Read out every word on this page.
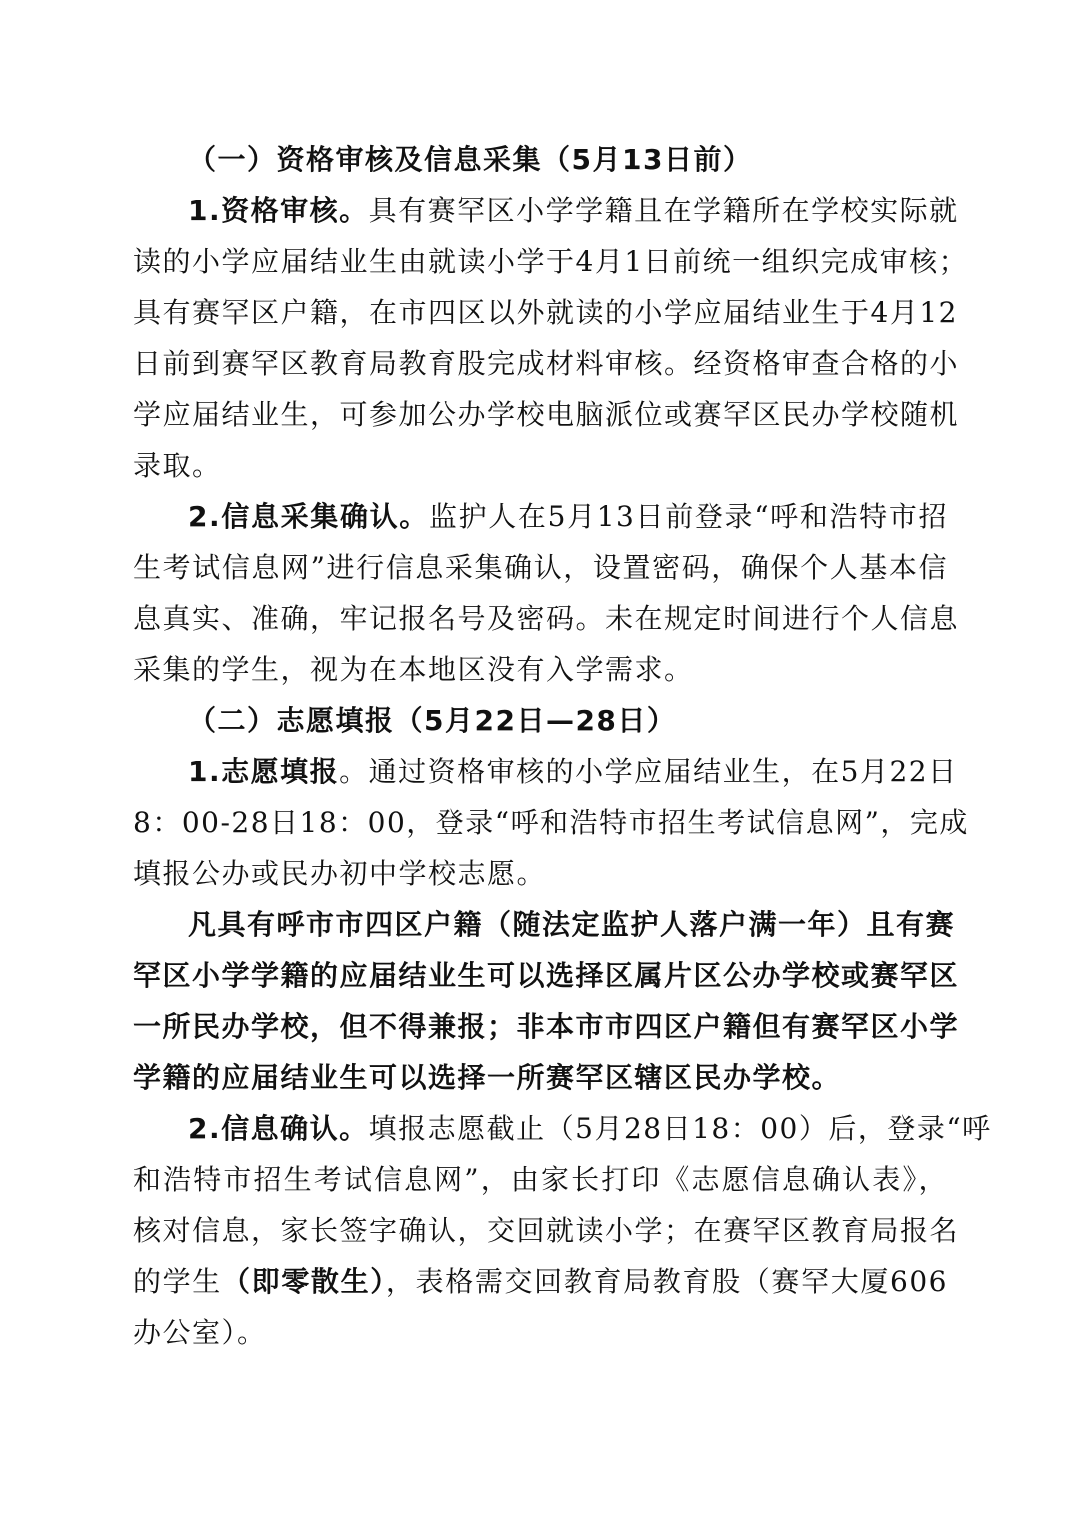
（一）资格审核及信息采集（5月13日前）
1.资格审核。具有赛罕区小学学籍且在学籍所在学校实际就
读的小学应届结业生由就读小学于4月1日前统一组织完成审核；
具有赛罕区户籍，在市四区以外就读的小学应届结业生于4月12
日前到赛罕区教育局教育股完成材料审核。经资格审查合格的小
学应届结业生，可参加公办学校电脑派位或赛罕区民办学校随机
录取。
2.信息采集确认。监护人在5月13日前登录“呼和浩特市招
生考试信息网”进行信息采集确认，设置密码，确保个人基本信
息真实、准确，牢记报名号及密码。未在规定时间进行个人信息
采集的学生，视为在本地区没有入学需求。
（二）志愿填报（5月22日—28日）
1.志愿填报。通过资格审核的小学应届结业生，在5月22日
8：00-28日18：00，登录“呼和浩特市招生考试信息网”，完成
填报公办或民办初中学校志愿。
凡具有呼市市四区户籍（随法定监护人落户满一年）且有赛
罕区小学学籍的应届结业生可以选择区属片区公办学校或赛罕区
一所民办学校，但不得兼报；非本市市四区户籍但有赛罕区小学
学籍的应届结业生可以选择一所赛罕区辖区民办学校。
2.信息确认。填报志愿截止（5月28日18：00）后，登录“呼
和浩特市招生考试信息网”，由家长打印《志愿信息确认表》，
核对信息，家长签字确认，交回就读小学；在赛罕区教育局报名
的学生（即零散生），表格需交回教育局教育股（赛罕大厦606
办公室）。
